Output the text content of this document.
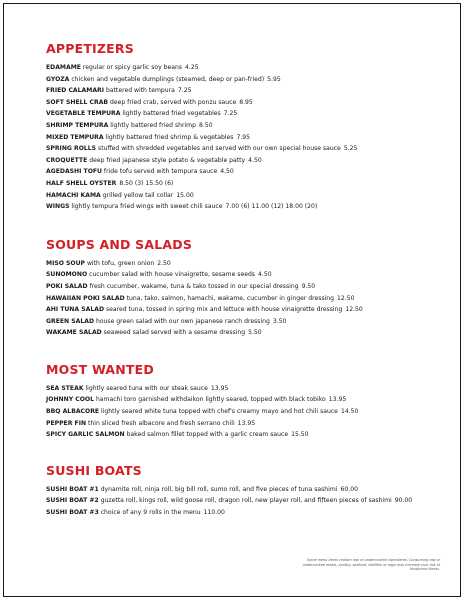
APPETIZERS
EDAMAME regular or spicy garlic soy beans 4.25
GYOZA chicken and vegetable dumplings (steamed, deep or pan-fried) 5.95
FRIED CALAMARI battered with tempura 7.25
SOFT SHELL CRAB deep fried crab, served with ponzu sauce 8.95
VEGETABLE TEMPURA lightly battered fried vegetables 7.25
SHRIMP TEMPURA lightly battered fried shrimp 8.50
MIXED TEMPURA lightly battered fried shrimp & vegetables 7.95
SPRING ROLLS stuffed with shredded vegetables and served with our own special house sauce 5.25
CROQUETTE deep fried japanese style potato & vegetable patty 4.50
AGEDASHI TOFU fride tofu served with tempura sauce 4.50
HALF SHELL OYSTER 8.50 (3) 15.50 (6)
HAMACHI KAMA grilled yellow tail collar 15.00
WINGS lightly tempura fried wings with sweet chili sauce 7.00 (6) 11.00 (12) 18.00 (20)
SOUPS AND SALADS
MISO SOUP with tofu, green onion 2.50
SUNOMONO cucumber salad with house vinaigrette, sesame seeds 4.50
POKI SALAD fresh cucumber, wakame, tuna & tako tossed in our special dressing 9.50
HAWAIIAN POKI SALAD tuna, tako, salmon, hamachi, wakame, cucumber in ginger dressing 12.50
AHI TUNA SALAD seared tuna, tossed in spring mix and lettuce with house vinaigrette dressing 12.50
GREEN SALAD house green salad with our own japanese ranch dressing 3.50
WAKAME SALAD seaweed salad served with a sesame dressing 5.50
MOST WANTED
SEA STEAK lightly seared tuna with our steak sauce 13.95
JOHNNY COOL hamachi toro garnished withdaikon lightly seared, topped with black tobiko 13.95
BBQ ALBACORE lightly seared white tuna topped with chef's creamy mayo and hot chili sauce 14.50
PEPPER FIN thin sliced fresh albacore and fresh serrano chili 13.95
SPICY GARLIC SALMON baked salmon fillet topped with a garlic cream sauce 15.50
SUSHI BOATS
SUSHI BOAT #1 dynamite roll, ninja roll, big bill roll, sumo roll, and five pieces of tuna sashimi 60.00
SUSHI BOAT #2 guzetta roll, kings roll, wild goose roll, dragon roll, new player roll, and fifteen pieces of sashimi 90.00
SUSHI BOAT #3 choice of any 9 rolls in the menu 110.00
Some menu items contain raw or undercooked ingredients. Consuming raw or undercooked meats, poultry, seafood, shellfish or eggs may increase your risk of foodborne illness.
